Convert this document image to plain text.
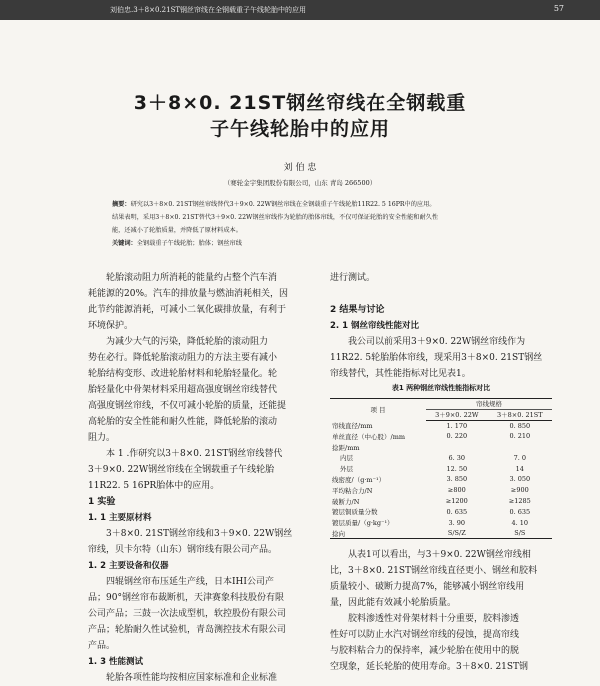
刘伯忠.3＋8×0.21ST钢丝帘线在全钢载重子午线轮胎中的应用	57
3＋8×0. 21ST钢丝帘线在全钢载重
子午线轮胎中的应用
刘 伯 忠
（赛轮金宇集团股份有限公司，山东 青岛 266500）
摘要：研究以3＋8×0. 21ST钢丝帘线替代3＋9×0. 22W钢丝帘线在全钢载重子午线轮胎11R22. 5 16PR中的应用。
结果表明，采用3＋8×0. 21ST替代3＋9×0. 22W钢丝帘线作为轮胎的胎体帘线，不仅可保证轮胎的安全性能和耐久性
能，还减小了轮胎质量，并降低了原材料成本。
关键词：全钢载重子午线轮胎；胎体；钢丝帘线
轮胎滚动阻力所消耗的能量约占整个汽车消
耗能源的20%。汽车的排放量与燃油消耗相关，因
此节约能源消耗，可减小二氧化碳排放量，有利于
环境保护。
为减少大气的污染，降低轮胎的滚动阻力
势在必行。降低轮胎滚动阻力的方法主要有减小
轮胎结构变形、改进轮胎材料和轮胎轻量化。轮
胎轻量化中骨架材料采用超高强度钢丝帘线替代
高强度钢丝帘线，不仅可减小轮胎的质量，还能提
高轮胎的安全性能和耐久性能，降低轮胎的滚动
阻力。
本 1 .作研究以3＋8×0. 21ST钢丝帘线替代
3＋9×0. 22W钢丝帘线在全钢载重子午线轮胎
11R22. 5 16PR胎体中的应用。
1 实验
1. 1 主要原材料
3＋8×0. 21ST钢丝帘线和3＋9×0. 22W钢丝
帘线，贝卡尔特（山东）钢帘线有限公司产品。
1. 2 主要设备和仪器
四辊钢丝帘布压延生产线，日本IHI公司产
品；90°钢丝帘布裁断机，天津赛象科技股份有限
公司产品；三鼓一次法成型机，软控股份有限公司
产品；轮胎耐久性试验机，青岛测控技术有限公司
产品。
1. 3 性能测试
轮胎各项性能均按相应国家标准和企业标准
进行测试。
2 结果与讨论
2. 1 钢丝帘线性能对比
我公司以前采用3＋9×0. 22W钢丝帘线作为
11R22. 5轮胎胎体帘线，现采用3＋8×0. 21ST钢丝
帘线替代，其性能指标对比见表1。
表1 两种钢丝帘线性能指标对比
项 目	帘线规格	
	3＋9×0. 22W	3＋8×0. 21ST
帘线直径/mm	1. 170	0. 850
单丝直径（中心股）/mm	0. 220	0. 210
捻距/mm		
内层	6. 30	7. 0
外层	12. 50	14
线密度/（g·m⁻¹）	3. 850	3. 050
平均粘合力/N	≥800	≥900
破断力/N	≥1200	≥1285
镀层铜质量分数	0. 635	0. 635
镀层质量/（g·kg⁻¹）	3. 90	4. 10
捻向	S/S/Z	S/S
从表1可以看出，与3＋9×0. 22W钢丝帘线相
比，3＋8×0. 21ST钢丝帘线直径更小、钢丝和胶料
质量较小、破断力提高7%，能够减小钢丝帘线用
量，因此能有效减小轮胎质量。
胶料渗透性对骨架材料十分重要，胶料渗透
性好可以防止水汽对钢丝帘线的侵蚀，提高帘线
与胶料粘合力的保持率，减少轮胎在使用中的脱
空现象，延长轮胎的使用寿命。3＋8×0. 21ST钢
